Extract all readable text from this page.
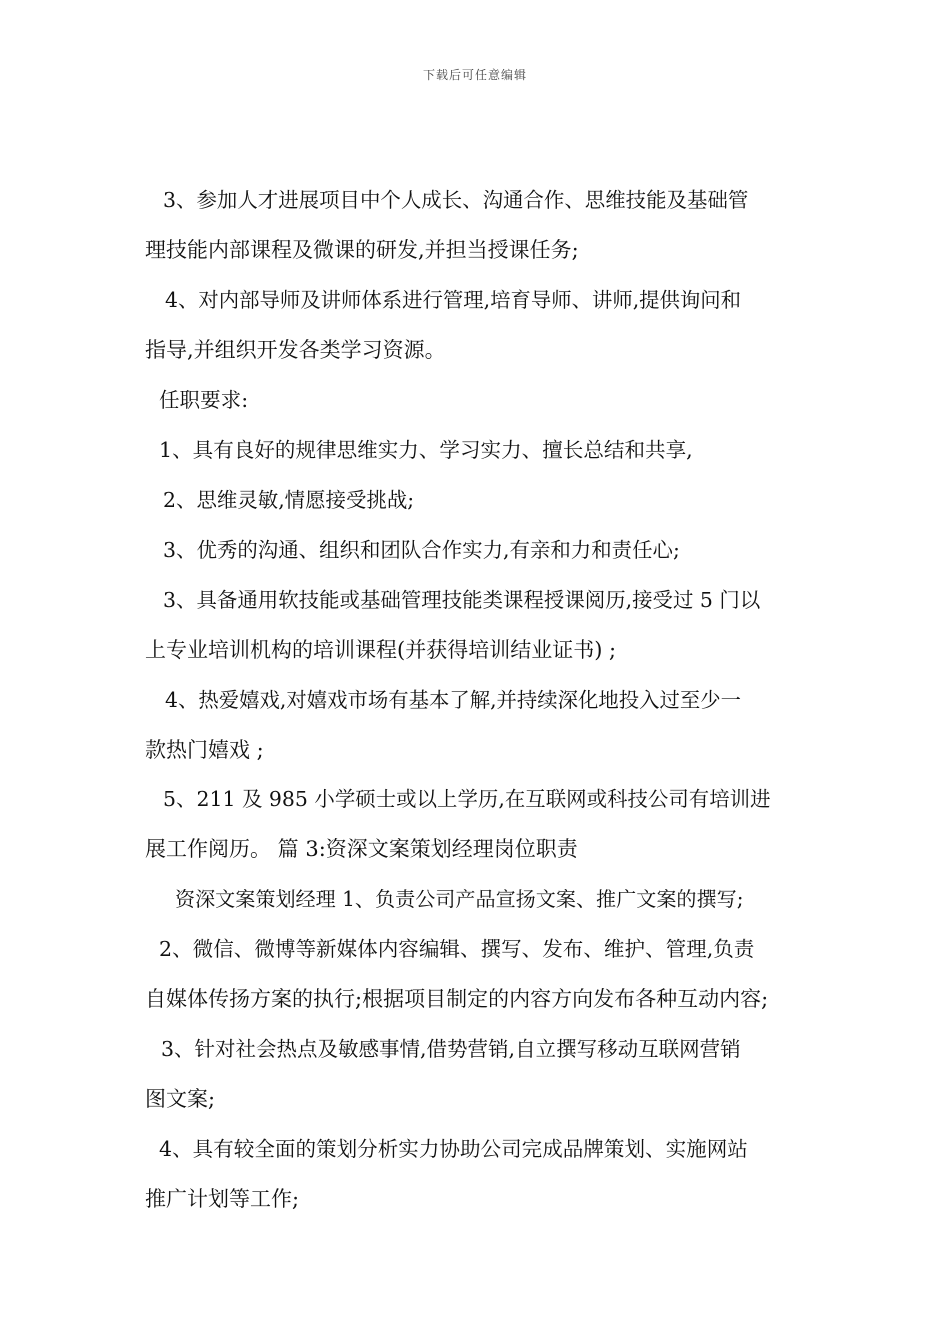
下载后可任意编辑
3、参加人才进展项目中个人成长、沟通合作、思维技能及基础管
理技能内部课程及微课的研发,并担当授课任务;
4、对内部导师及讲师体系进行管理,培育导师、讲师,提供询问和
指导,并组织开发各类学习资源。
任职要求:
1、具有良好的规律思维实力、学习实力、擅长总结和共享,
2、思维灵敏,情愿接受挑战;
3、优秀的沟通、组织和团队合作实力,有亲和力和责任心;
3、具备通用软技能或基础管理技能类课程授课阅历,接受过 5 门以
上专业培训机构的培训课程(并获得培训结业证书) ;
4、热爱嬉戏,对嬉戏市场有基本了解,并持续深化地投入过至少一
款热门嬉戏 ;
5、211 及 985 小学硕士或以上学历,在互联网或科技公司有培训进
展工作阅历。 篇 3:资深文案策划经理岗位职责
资深文案策划经理 1、负责公司产品宣扬文案、推广文案的撰写;
2、微信、微博等新媒体内容编辑、撰写、发布、维护、管理,负责
自媒体传扬方案的执行;根据项目制定的内容方向发布各种互动内容;
3、针对社会热点及敏感事情,借势营销,自立撰写移动互联网营销
图文案;
4、具有较全面的策划分析实力协助公司完成品牌策划、实施网站
推广计划等工作;
